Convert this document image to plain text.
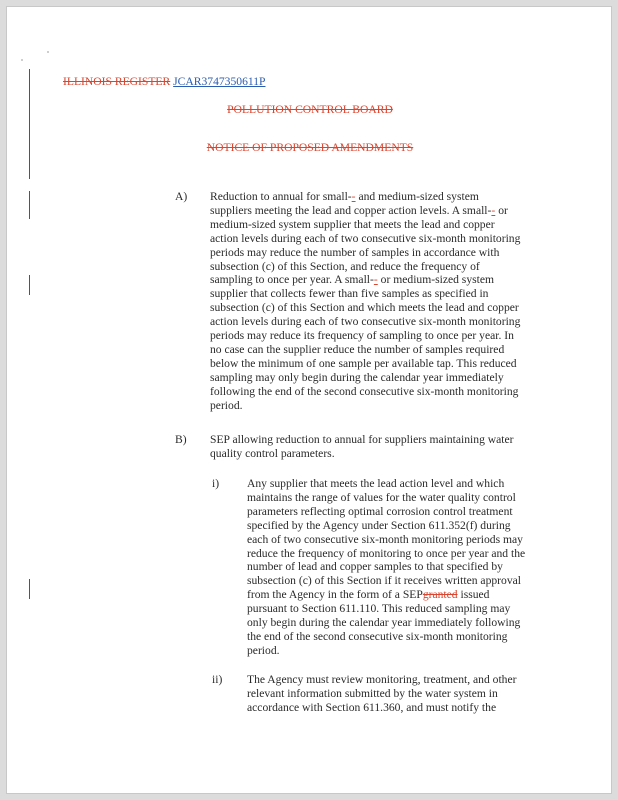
ILLINOIS REGISTER JCAR3747350611P
POLLUTION CONTROL BOARD
NOTICE OF PROPOSED AMENDMENTS
A) Reduction to annual for small-- and medium-sized system
suppliers meeting the lead and copper action levels. A small-- or
medium-sized system supplier that meets the lead and copper
action levels during each of two consecutive six-month monitoring
periods may reduce the number of samples in accordance with
subsection (c) of this Section, and reduce the frequency of
sampling to once per year. A small-- or medium-sized system
supplier that collects fewer than five samples as specified in
subsection (c) of this Section and which meets the lead and copper
action levels during each of two consecutive six-month monitoring
periods may reduce its frequency of sampling to once per year. In
no case can the supplier reduce the number of samples required
below the minimum of one sample per available tap. This reduced
sampling may only begin during the calendar year immediately
following the end of the second consecutive six-month monitoring
period.
B) SEP allowing reduction to annual for suppliers maintaining water
quality control parameters.
i) Any supplier that meets the lead action level and which
maintains the range of values for the water quality control
parameters reflecting optimal corrosion control treatment
specified by the Agency under Section 611.352(f) during
each of two consecutive six-month monitoring periods may
reduce the frequency of monitoring to once per year and the
number of lead and copper samples to that specified by
subsection (c) of this Section if it receives written approval
from the Agency in the form of a SEPgranted issued
pursuant to Section 611.110. This reduced sampling may
only begin during the calendar year immediately following
the end of the second consecutive six-month monitoring
period.
ii) The Agency must review monitoring, treatment, and other
relevant information submitted by the water system in
accordance with Section 611.360, and must notify the
